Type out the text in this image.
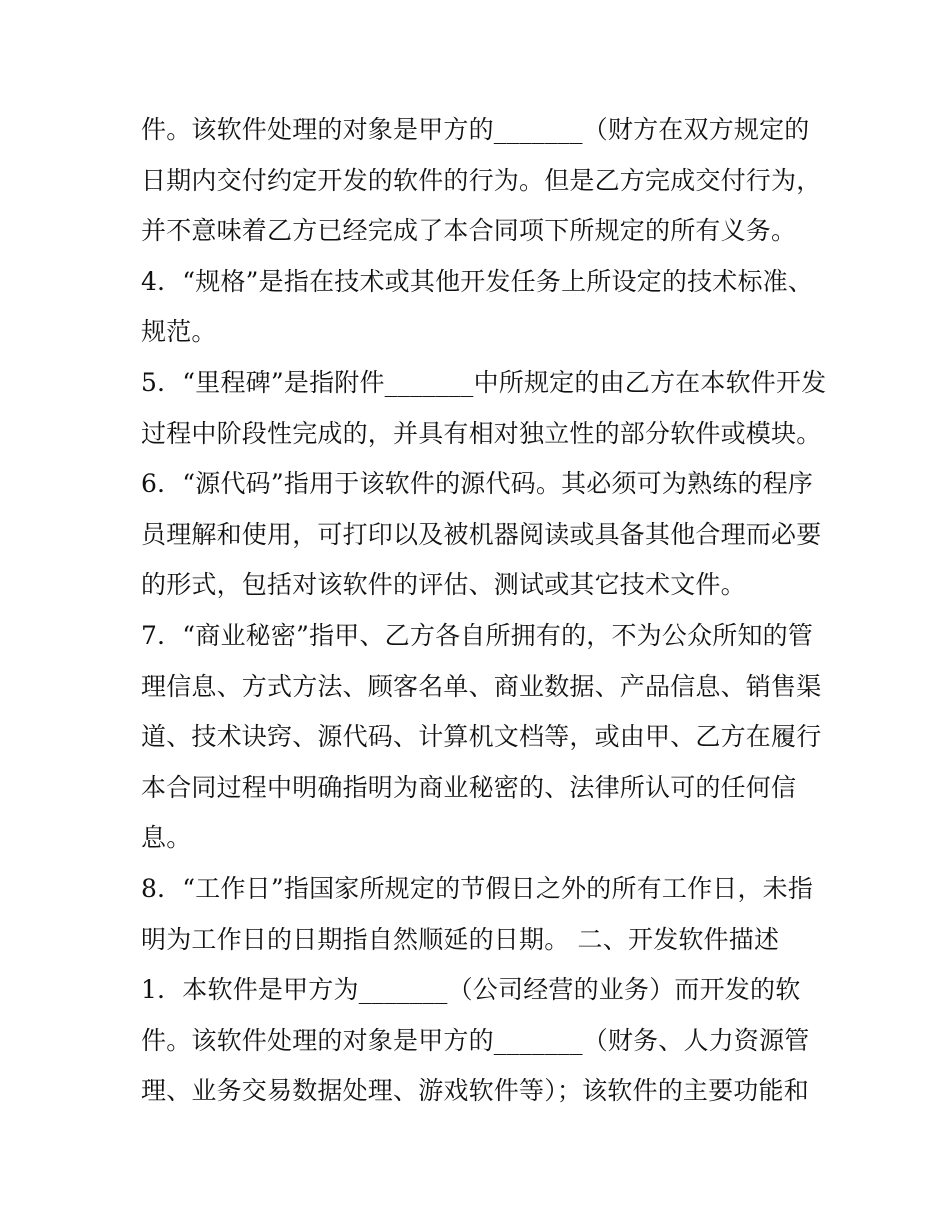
件。该软件处理的对象是甲方的_______（财方在双方规定的
日期内交付约定开发的软件的行为。但是乙方完成交付行为，
并不意味着乙方已经完成了本合同项下所规定的所有义务。
4．“规格”是指在技术或其他开发任务上所设定的技术标准、
规范。
5．“里程碑”是指附件_______中所规定的由乙方在本软件开发
过程中阶段性完成的，并具有相对独立性的部分软件或模块。
6．“源代码”指用于该软件的源代码。其必须可为熟练的程序
员理解和使用，可打印以及被机器阅读或具备其他合理而必要
的形式，包括对该软件的评估、测试或其它技术文件。
7．“商业秘密”指甲、乙方各自所拥有的，不为公众所知的管
理信息、方式方法、顾客名单、商业数据、产品信息、销售渠
道、技术诀窍、源代码、计算机文档等，或由甲、乙方在履行
本合同过程中明确指明为商业秘密的、法律所认可的任何信
息。
8．“工作日”指国家所规定的节假日之外的所有工作日，未指
明为工作日的日期指自然顺延的日期。 二、开发软件描述
1．本软件是甲方为_______（公司经营的业务）而开发的软
件。该软件处理的对象是甲方的_______（财务、人力资源管
理、业务交易数据处理、游戏软件等）；该软件的主要功能和
